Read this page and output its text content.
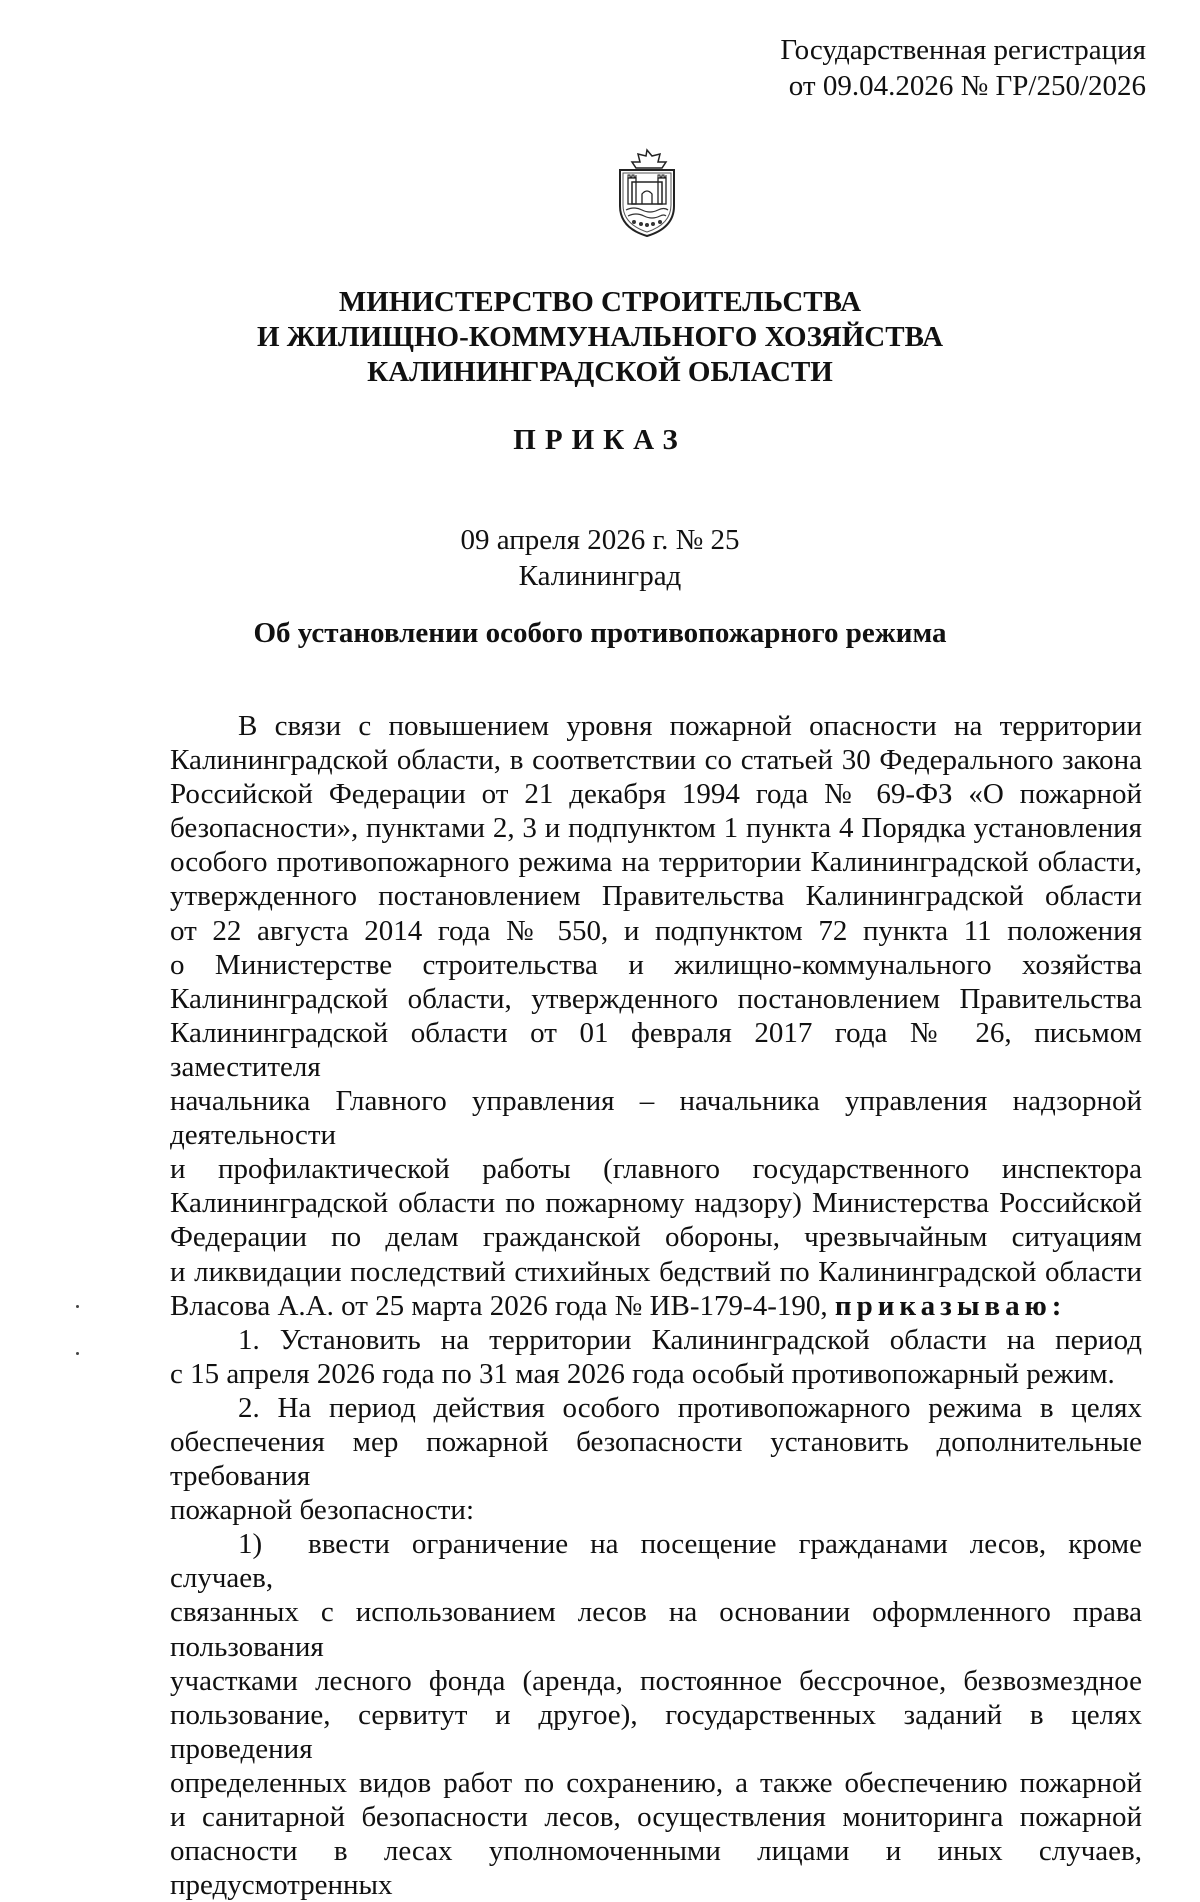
Государственная регистрация
от 09.04.2026 № ГР/250/2026
МИНИСТЕРСТВО СТРОИТЕЛЬСТВА
И ЖИЛИЩНО-КОММУНАЛЬНОГО ХОЗЯЙСТВА
КАЛИНИНГРАДСКОЙ ОБЛАСТИ
ПРИКАЗ
09 апреля 2026 г. № 25
Калининград
Об установлении особого противопожарного режима
В связи с повышением уровня пожарной опасности на территории
Калининградской области, в соответствии со статьей 30 Федерального закона
Российской Федерации от 21 декабря 1994 года № 69-ФЗ «О пожарной
безопасности», пунктами 2, 3 и подпунктом 1 пункта 4 Порядка установления
особого противопожарного режима на территории Калининградской области,
утвержденного постановлением Правительства Калининградской области
от 22 августа 2014 года № 550, и подпунктом 72 пункта 11 положения
о Министерстве строительства и жилищно-коммунального хозяйства
Калининградской области, утвержденного постановлением Правительства
Калининградской области от 01 февраля 2017 года № 26, письмом заместителя
начальника Главного управления – начальника управления надзорной деятельности
и профилактической работы (главного государственного инспектора
Калининградской области по пожарному надзору) Министерства Российской
Федерации по делам гражданской обороны, чрезвычайным ситуациям
и ликвидации последствий стихийных бедствий по Калининградской области
Власова А.А. от 25 марта 2026 года № ИВ-179-4-190, приказываю:
1. Установить на территории Калининградской области на период
с 15 апреля 2026 года по 31 мая 2026 года особый противопожарный режим.
2. На период действия особого противопожарного режима в целях
обеспечения мер пожарной безопасности установить дополнительные требования
пожарной безопасности:
1) ввести ограничение на посещение гражданами лесов, кроме случаев,
связанных с использованием лесов на основании оформленного права пользования
участками лесного фонда (аренда, постоянное бессрочное, безвозмездное
пользование, сервитут и другое), государственных заданий в целях проведения
определенных видов работ по сохранению, а также обеспечению пожарной
и санитарной безопасности лесов, осуществления мониторинга пожарной
опасности в лесах уполномоченными лицами и иных случаев, предусмотренных
